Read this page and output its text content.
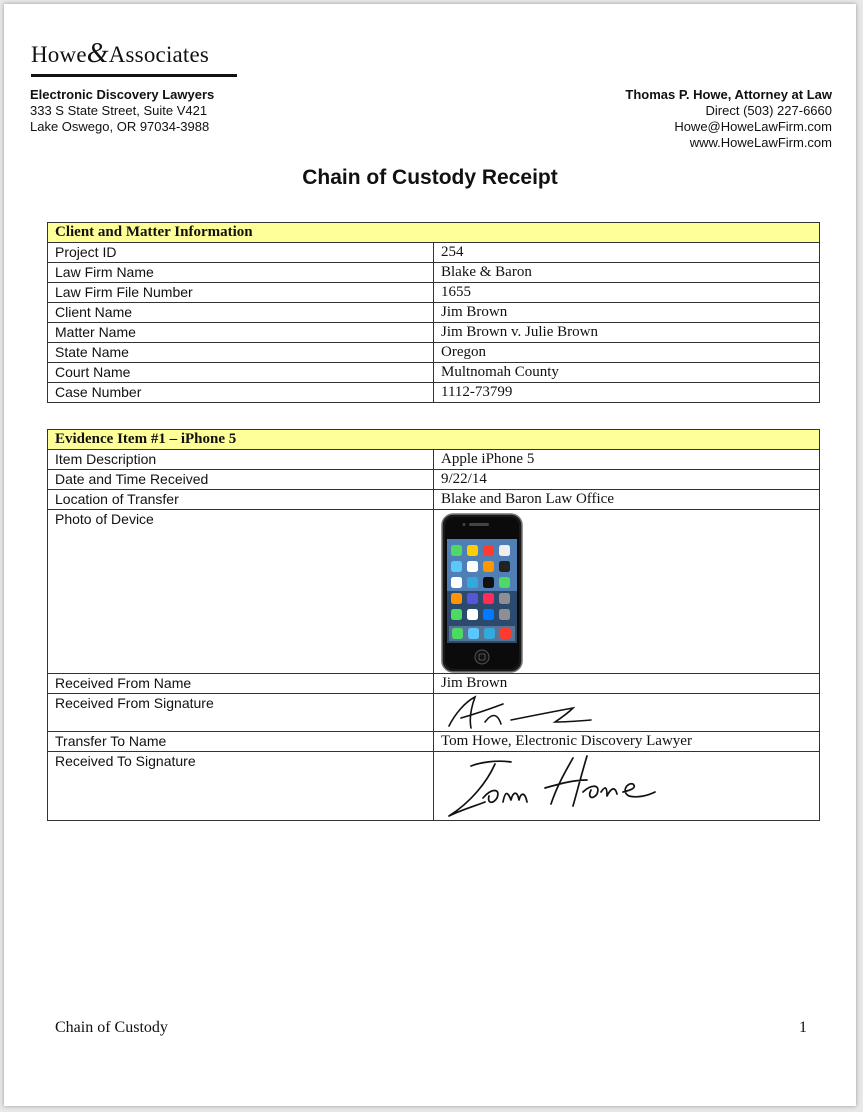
Howe&Associates
Electronic Discovery Lawyers
333 S State Street, Suite V421
Lake Oswego, OR 97034-3988
Thomas P. Howe, Attorney at Law
Direct (503) 227-6660
Howe@HoweLawFirm.com
www.HoweLawFirm.com
Chain of Custody Receipt
Client and Matter Information	
Project ID	254
Law Firm Name	Blake & Baron
Law Firm File Number	1655
Client Name	Jim Brown
Matter Name	Jim Brown v. Julie Brown
State Name	Oregon
Court Name	Multnomah County
Case Number	1112-73799
Evidence Item #1 – iPhone 5	
Item Description	Apple iPhone 5
Date and Time Received	9/22/14
Location of Transfer	Blake and Baron Law Office
Photo of Device	

Received From Name	Jim Brown
Received From Signature	

Transfer To Name	Tom Howe, Electronic Discovery Lawyer
Received To Signature	
Chain of Custody	1
